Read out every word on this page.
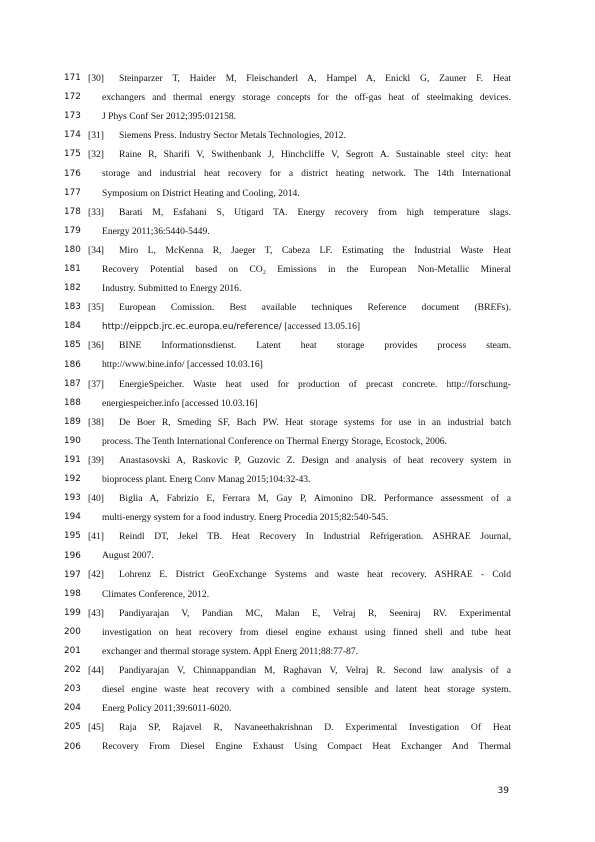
171
172
173
174
175
176
177
178
179
180
181
182
183
184
185
186
187
188
189
190
191
192
193
194
195
196
197
198
199
200
201
202
203
204
205
206
[30] Steinparzer T, Haider M, Fleischanderl A, Hampel A, Enickl G, Zauner F. Heat
exchangers and thermal energy storage concepts for the off-gas heat of steelmaking devices.
J Phys Conf Ser 2012;395:012158.
[31] Siemens Press. Industry Sector Metals Technologies, 2012.
[32] Raine R, Sharifi V, Swithenbank J, Hinchcliffe V, Segrott A. Sustainable steel city: heat
storage and industrial heat recovery for a district heating network. The 14th International
Symposium on District Heating and Cooling, 2014.
[33] Barati M, Esfahani S, Utigard TA. Energy recovery from high temperature slags.
Energy 2011;36:5440-5449.
[34] Miro L, McKenna R, Jaeger T, Cabeza LF. Estimating the Industrial Waste Heat
Recovery Potential based on CO₂ Emissions in the European Non-Metallic Mineral
Industry. Submitted to Energy 2016.
[35] European Comission. Best available techniques Reference document (BREFs).
http://eippcb.jrc.ec.europa.eu/reference/ [accessed 13.05.16]
[36] BINE Informationsdienst. Latent heat storage provides process steam.
http://www.bine.info/ [accessed 10.03.16]
[37] EnergieSpeicher. Waste heat used for production of precast concrete. http://forschung-
energiespeicher.info [accessed 10.03.16]
[38] De Boer R, Smeding SF, Bach PW. Heat storage systems for use in an industrial batch
process. The Tenth International Conference on Thermal Energy Storage, Ecostock, 2006.
[39] Anastasovski A, Raskovic P, Guzovic Z. Design and analysis of heat recovery system in
bioprocess plant. Energ Conv Manag 2015;104:32-43.
[40] Biglia A, Fabrizio E, Ferrara M, Gay P, Aimonino DR. Performance assessment of a
multi-energy system for a food industry. Energ Procedia 2015;82:540-545.
[41] Reindl DT, Jekel TB. Heat Recovery In Industrial Refrigeration. ASHRAE Journal,
August 2007.
[42] Lohrenz E. District GeoExchange Systems and waste heat recovery. ASHRAE - Cold
Climates Conference, 2012.
[43] Pandiyarajan V, Pandian MC, Malan E, Velraj R, Seeniraj RV. Experimental
investigation on heat recovery from diesel engine exhaust using finned shell and tube heat
exchanger and thermal storage system. Appl Energ 2011;88:77-87.
[44] Pandiyarajan V, Chinnappandian M, Raghavan V, Velraj R. Second law analysis of a
diesel engine waste heat recovery with a combined sensible and latent heat storage system.
Energ Policy 2011;39:6011-6020.
[45] Raja SP, Rajavel R, Navaneethakrishnan D. Experimental Investigation Of Heat
Recovery From Diesel Engine Exhaust Using Compact Heat Exchanger And Thermal
39
